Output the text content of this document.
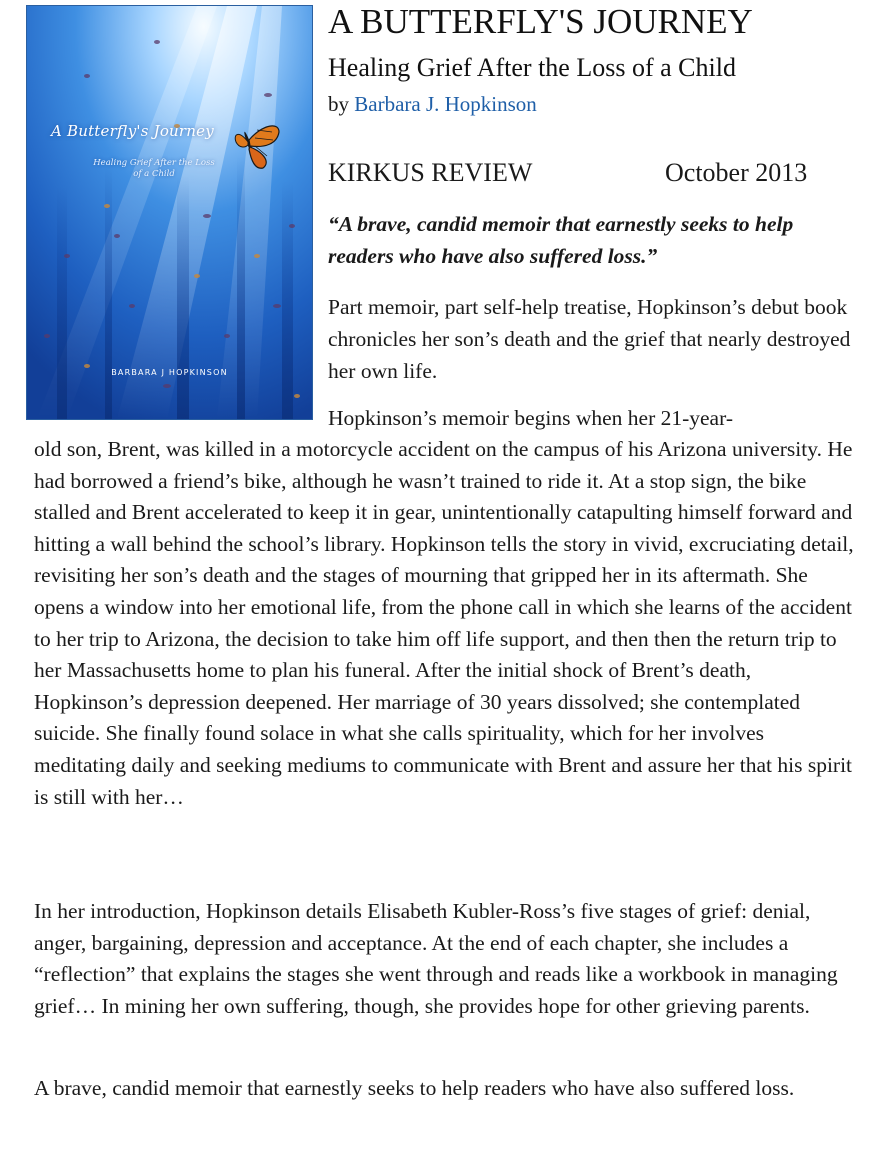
A Butterfly's Journey
Healing Grief After the Loss of a Child
BARBARA J HOPKINSON
A BUTTERFLY'S JOURNEY
Healing Grief After the Loss of a Child
by Barbara J. Hopkinson
KIRKUS REVIEW	October 2013
“A brave, candid memoir that earnestly seeks to help readers who have also suffered loss.”
Part memoir, part self-help treatise, Hopkinson’s debut book chronicles her son’s death and the grief that nearly destroyed her own life.
Hopkinson’s memoir begins when her 21-year-
old son, Brent, was killed in a motorcycle accident on the campus of his Arizona university. He had borrowed a friend’s bike, although he wasn’t trained to ride it. At a stop sign, the bike stalled and Brent accelerated to keep it in gear, unintentionally catapulting himself forward and hitting a wall behind the school’s library. Hopkinson tells the story in vivid, excruciating detail, revisiting her son’s death and the stages of mourning that gripped her in its aftermath. She opens a window into her emotional life, from the phone call in which she learns of the accident to her trip to Arizona, the decision to take him off life support, and then then the return trip to her Massachusetts home to plan his funeral. After the initial shock of Brent’s death, Hopkinson’s depression deepened. Her marriage of 30 years dissolved; she contemplated suicide. She finally found solace in what she calls spirituality, which for her involves meditating daily and seeking mediums to communicate with Brent and assure her that his spirit is still with her…
In her introduction, Hopkinson details Elisabeth Kubler-Ross’s five stages of grief: denial, anger, bargaining, depression and acceptance. At the end of each chapter, she includes a “reflection” that explains the stages she went through and reads like a workbook in managing grief… In mining her own suffering, though, she provides hope for other grieving parents.
A brave, candid memoir that earnestly seeks to help readers who have also suffered loss.
